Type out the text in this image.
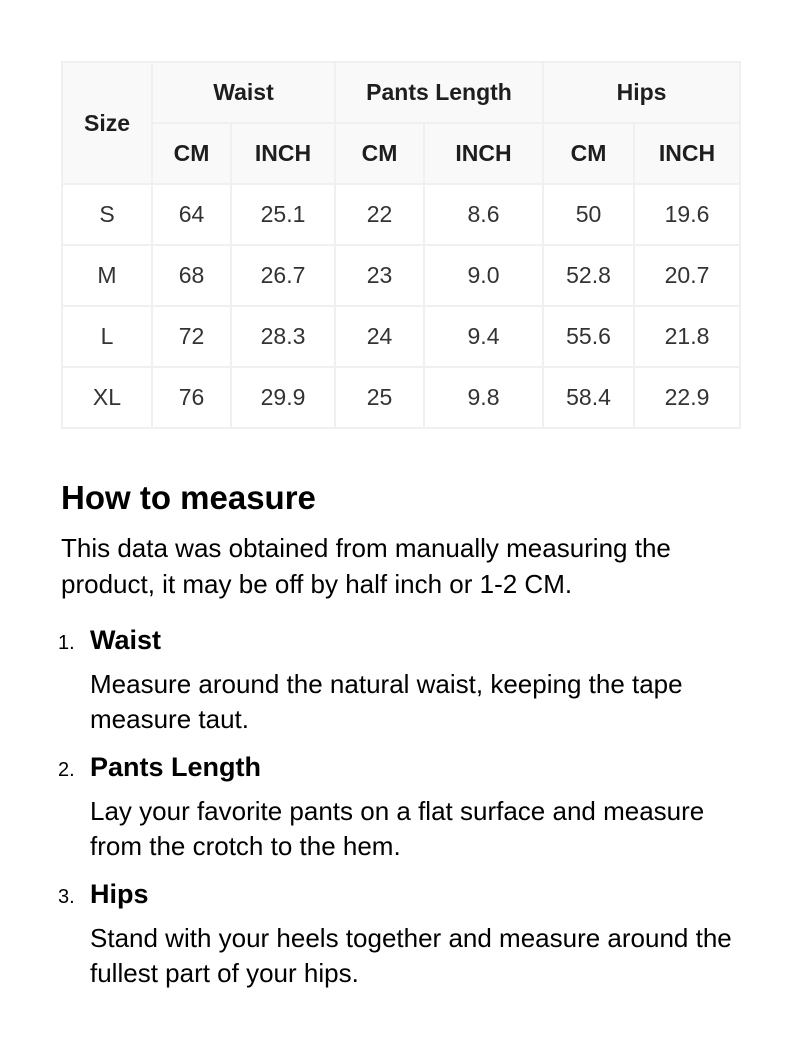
Size	Waist		Pants Length		Hips	
	CM	INCH	CM	INCH	CM	INCH
S	64	25.1	22	8.6	50	19.6
M	68	26.7	23	9.0	52.8	20.7
L	72	28.3	24	9.4	55.6	21.8
XL	76	29.9	25	9.8	58.4	22.9
How to measure

This data was obtained from manually measuring the product, it may be off by half inch or 1-2 CM.

1. Waist
Measure around the natural waist, keeping the tape measure taut.
2. Pants Length
Lay your favorite pants on a flat surface and measure from the crotch to the hem.
3. Hips
Stand with your heels together and measure around the fullest part of your hips.
